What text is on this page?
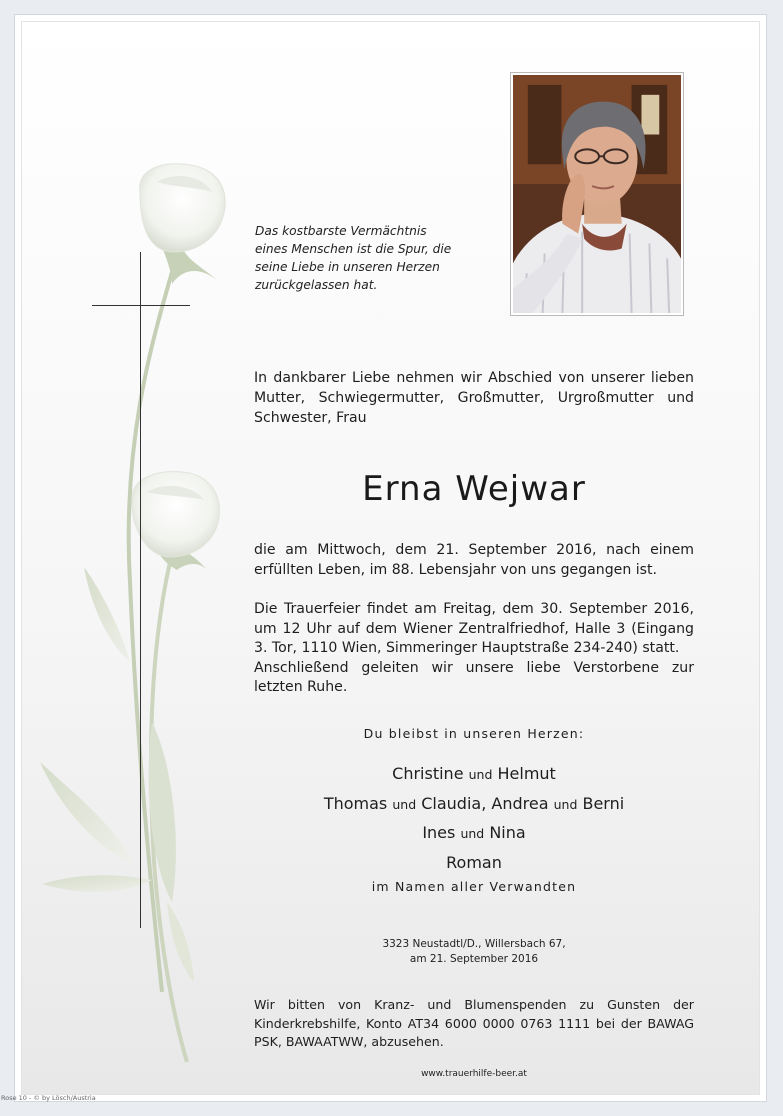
Das kostbarste Vermächtnis
eines Menschen ist die Spur, die
seine Liebe in unseren Herzen
zurückgelassen hat.
In dankbarer Liebe nehmen wir Abschied von unserer lieben Mutter, Schwiegermutter, Großmutter, Urgroßmutter und Schwester, Frau
Erna Wejwar
die am Mittwoch, dem 21. September 2016, nach einem erfüllten Leben, im 88. Lebensjahr von uns gegangen ist.
Die Trauerfeier findet am Freitag, dem 30. September 2016, um 12 Uhr auf dem Wiener Zentralfriedhof, Halle 3 (Eingang 3. Tor, 1110 Wien, Simmeringer Hauptstraße 234-240) statt.
Anschließend geleiten wir unsere liebe Verstorbene zur letzten Ruhe.
Du bleibst in unseren Herzen:
Christine und Helmut
Thomas und Claudia, Andrea und Berni
Ines und Nina
Roman
im Namen aller Verwandten
3323 Neustadtl/D., Willersbach 67,
am 21. September 2016
Wir bitten von Kranz- und Blumenspenden zu Gunsten der Kinderkrebshilfe, Konto AT34 6000 0000 0763 1111 bei der BAWAG PSK, BAWAATWW, abzusehen.
www.trauerhilfe-beer.at
Rose 10 - © by Lösch/Austria
